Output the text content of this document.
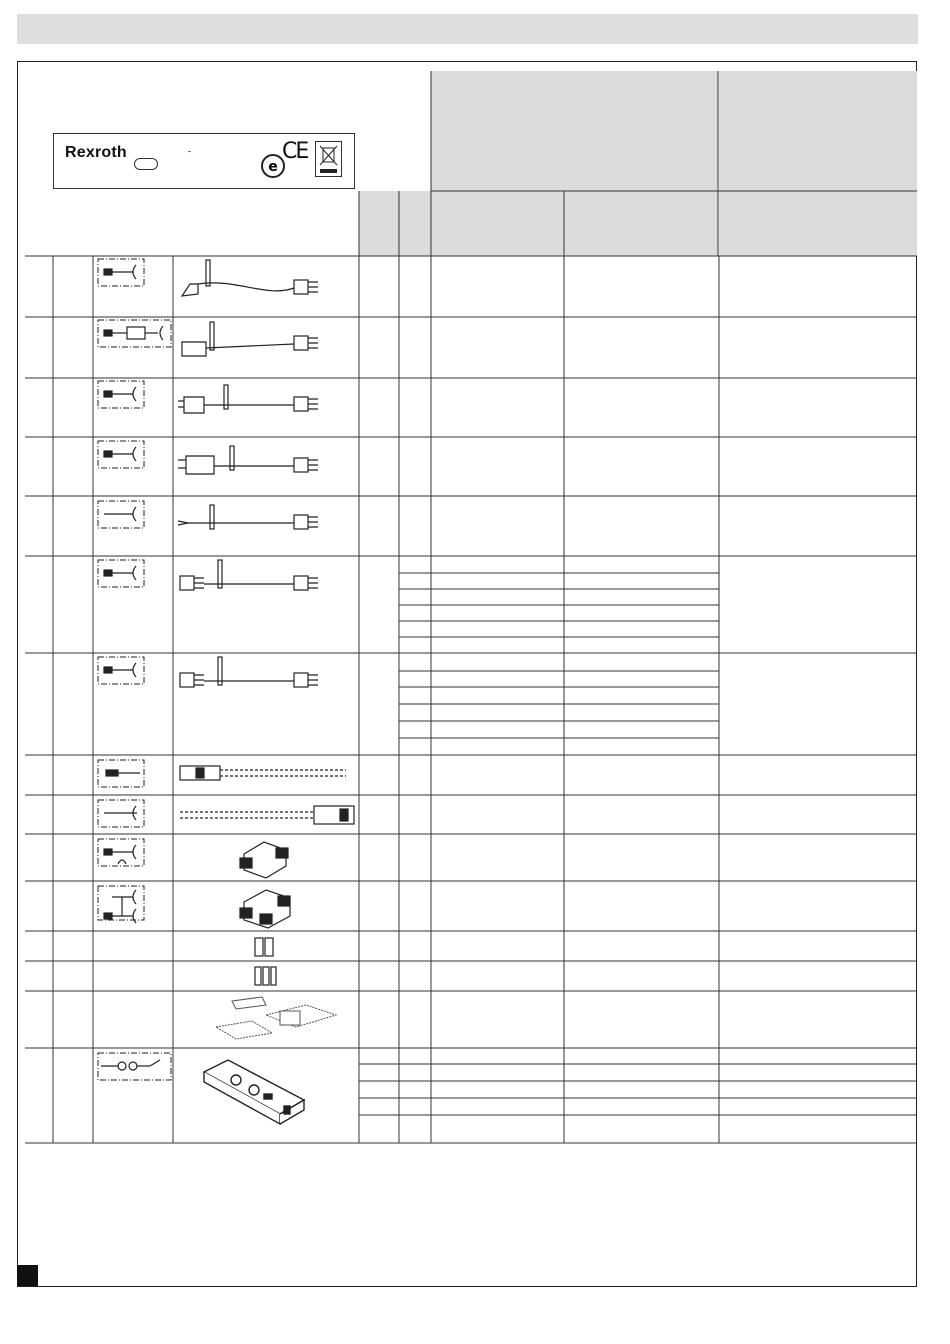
Rexroth	˜
e
CE
